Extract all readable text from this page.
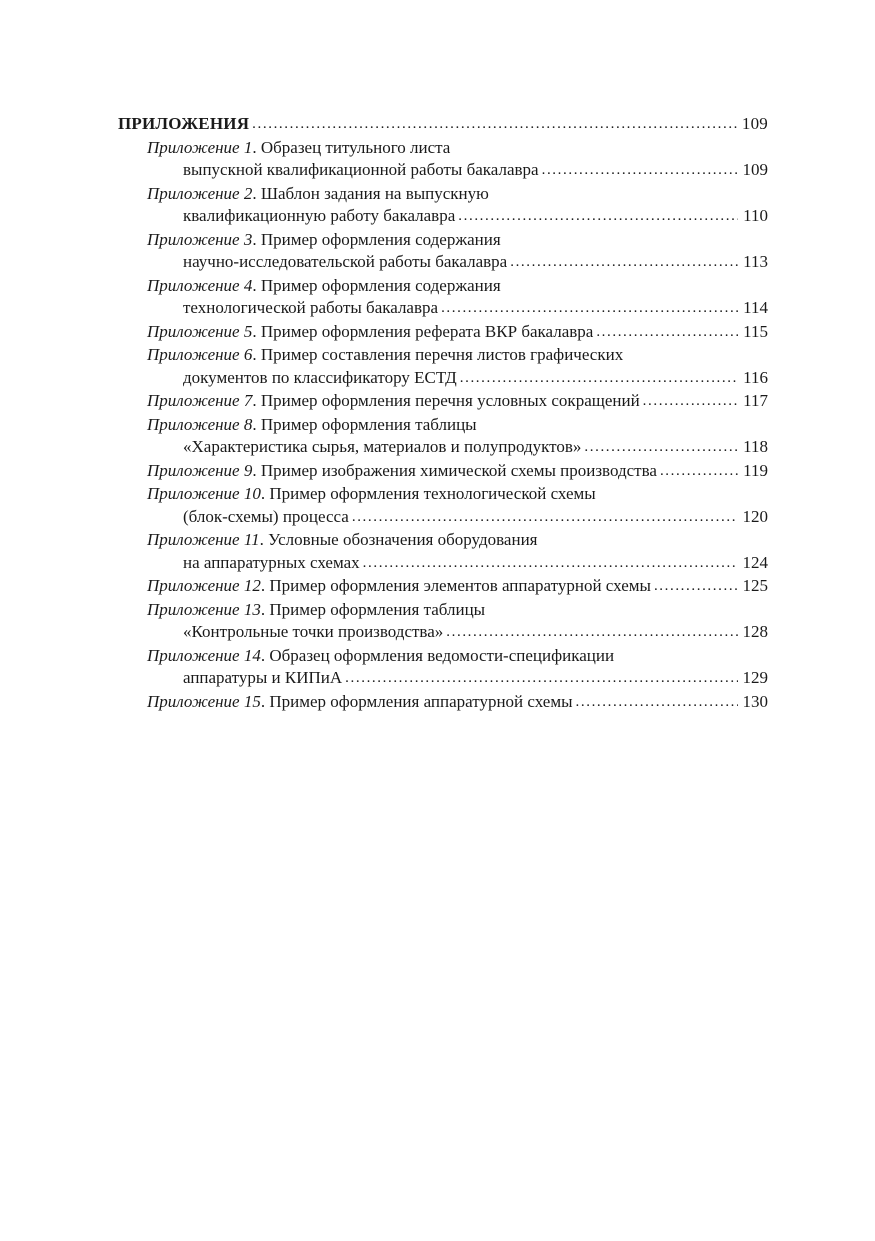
ПРИЛОЖЕНИЯ .....	109
Приложение 1 . Образец титульного листа
выпускной квалификационной работы бакалавра .....	109
Приложение 2 . Шаблон задания на выпускную
квалификационную работу бакалавра .....	110
Приложение 3 . Пример оформления содержания
научно-исследовательской работы бакалавра .....	113
Приложение 4 . Пример оформления содержания
технологической работы бакалавра .....	114
Приложение 5 . Пример оформления реферата ВКР бакалавра .....	115
Приложение 6 . Пример составления перечня листов графических
документов по классификатору ЕСТД .....	116
Приложение 7 . Пример оформления перечня условных сокращений .....	117
Приложение 8 . Пример оформления таблицы
«Характеристика сырья, материалов и полупродуктов» .....	118
Приложение 9 . Пример изображения химической схемы производства .....	119
Приложение 10 . Пример оформления технологической схемы
(блок-схемы) процесса .....	120
Приложение 11 . Условные обозначения оборудования
на аппаратурных схемах .....	124
Приложение 12 . Пример оформления элементов аппаратурной схемы .....	125
Приложение 13 . Пример оформления таблицы
«Контрольные точки производства» .....	128
Приложение 14 . Образец оформления ведомости-спецификации
аппаратуры и КИПиА .....	129
Приложение 15 . Пример оформления аппаратурной схемы .....	130
